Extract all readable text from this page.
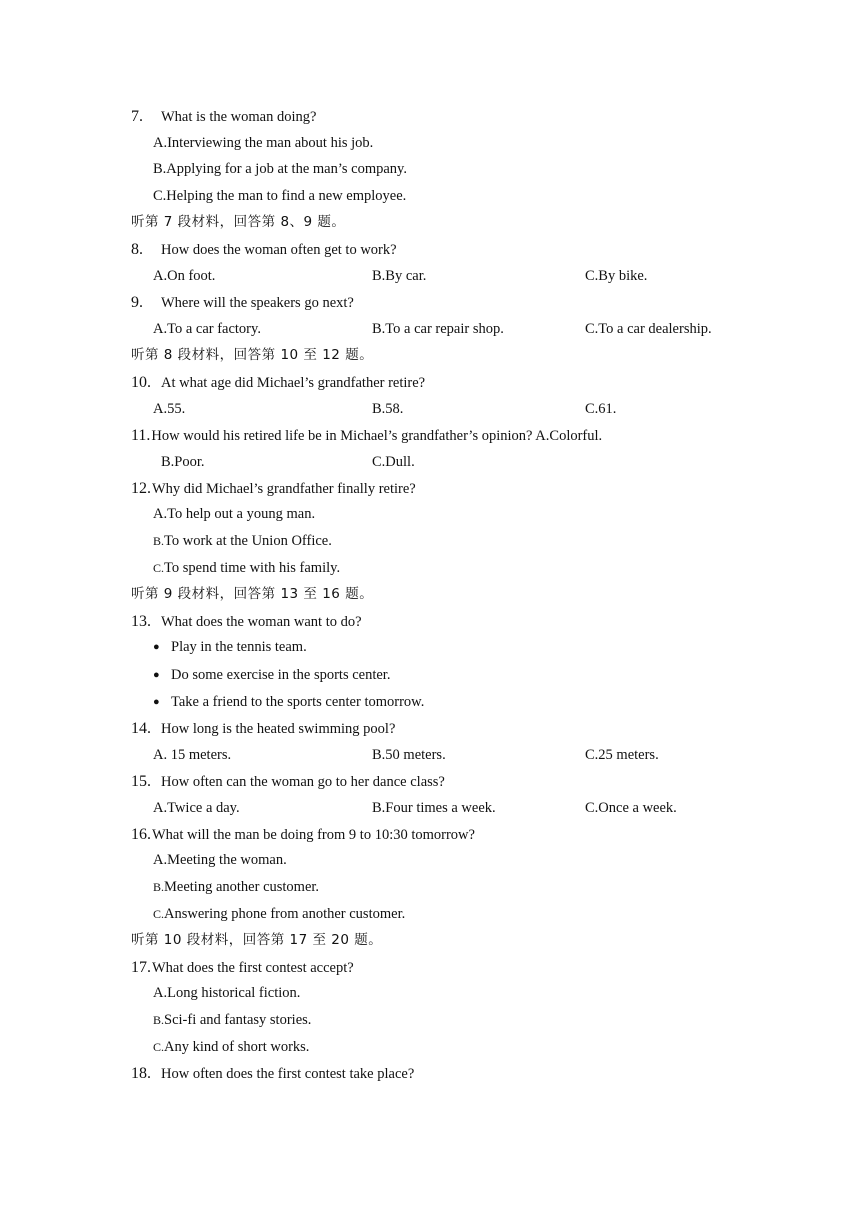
7. What is the woman doing?
A.Interviewing the man about his job.
B.Applying for a job at the man’s company.
C.Helping the man to find a new employee.
听第 7 段材料，回答第 8、9 题。
8. How does the woman often get to work?
A.On foot.	B.By car.	C.By bike.
9. Where will the speakers go next?
A.To a car factory.	B.To a car repair shop.	C.To a car dealership.
听第 8 段材料，回答第 10 至 12 题。
10. At what age did Michael’s grandfather retire?
A.55.	B.58.	C.61.
11.How would his retired life be in Michael’s grandfather’s opinion? A.Colorful.
B.Poor.	C.Dull.
12.Why did Michael’s grandfather finally retire?
A.To help out a young man.
B.To work at the Union Office.
C.To spend time with his family.
听第 9 段材料，回答第 13 至 16 题。
13. What does the woman want to do?
● Play in the tennis team.
● Do some exercise in the sports center.
● Take a friend to the sports center tomorrow.
14. How long is the heated swimming pool?
A. 15 meters.	B.50 meters.	C.25 meters.
15. How often can the woman go to her dance class?
A.Twice a day.	B.Four times a week.	C.Once a week.
16.What will the man be doing from 9 to 10:30 tomorrow?
A.Meeting the woman.
B.Meeting another customer.
C.Answering phone from another customer.
听第 10 段材料，回答第 17 至 20 题。
17.What does the first contest accept?
A.Long historical fiction.
B.Sci-fi and fantasy stories.
C.Any kind of short works.
18. How often does the first contest take place?
